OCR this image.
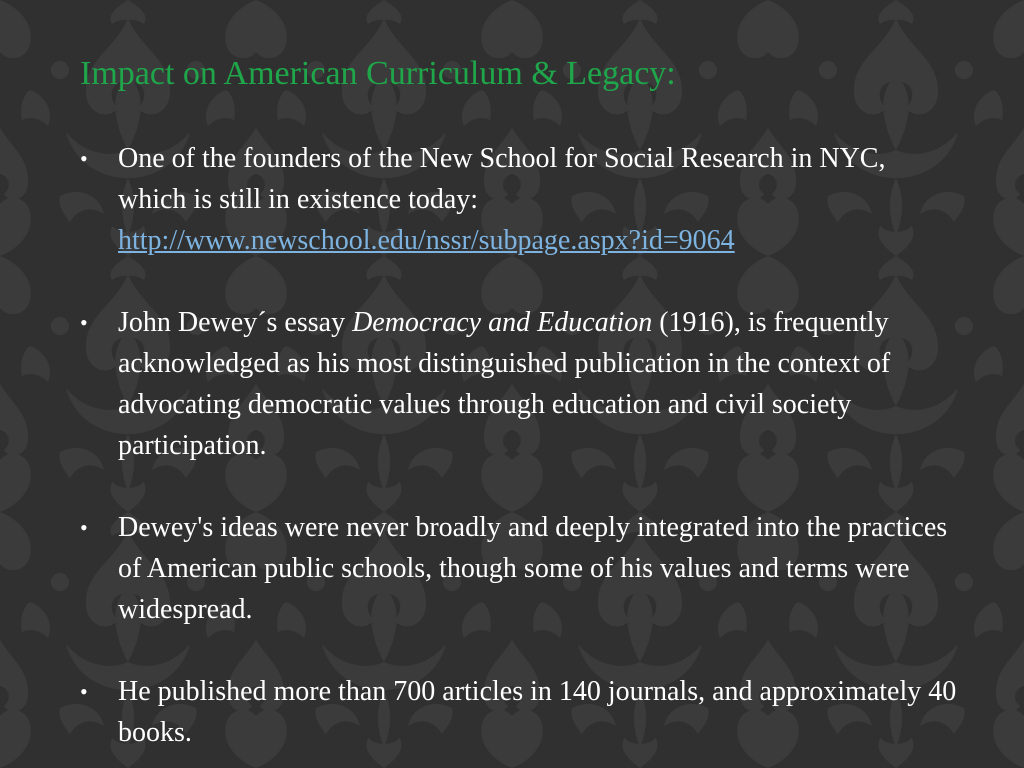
Impact on American Curriculum & Legacy:
• One of the founders of the New School for Social Research in NYC, which is still in existence today:
http://www.newschool.edu/nssr/subpage.aspx?id=9064
• John Dewey´s essay Democracy and Education (1916), is frequently acknowledged as his most distinguished publication in the context of advocating democratic values through education and civil society participation.
• Dewey's ideas were never broadly and deeply integrated into the practices of American public schools, though some of his values and terms were widespread.
• He published more than 700 articles in 140 journals, and approximately 40 books.
